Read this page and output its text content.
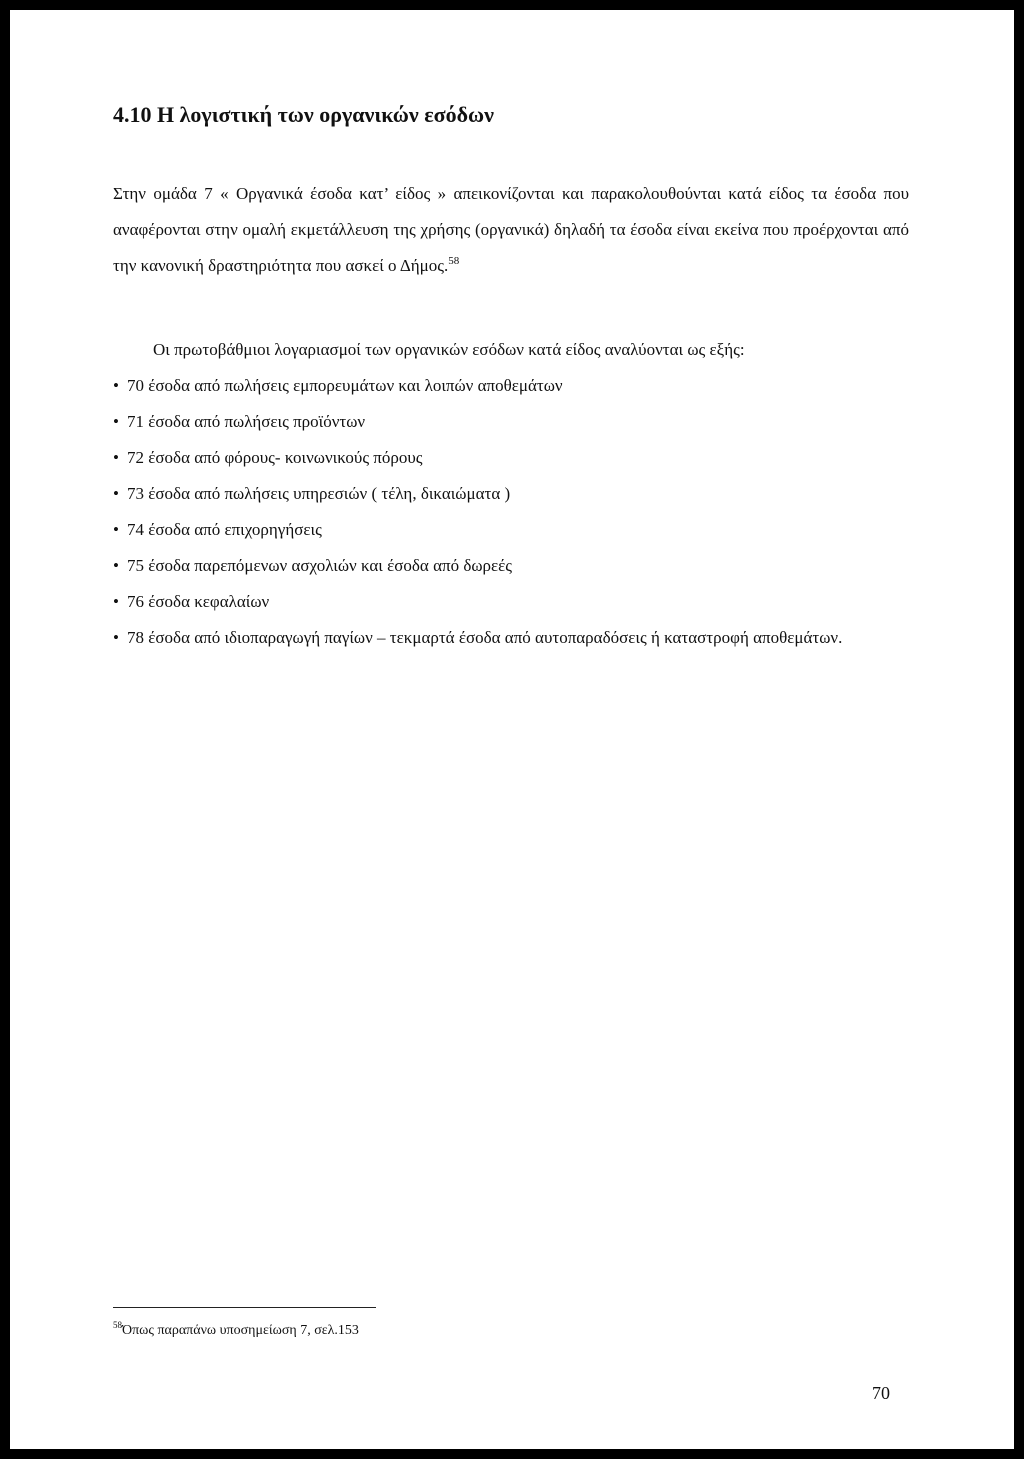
4.10 Η λογιστική των οργανικών εσόδων

Στην ομάδα 7 « Οργανικά έσοδα κατ’ είδος » απεικονίζονται και παρακολουθούνται κατά είδος τα έσοδα που αναφέρονται στην ομαλή εκμετάλλευση της χρήσης (οργανικά) δηλαδή τα έσοδα είναι εκείνα που προέρχονται από την κανονική δραστηριότητα που ασκεί ο Δήμος.$^{58}$

Οι πρωτοβάθμιοι λογαριασμοί των οργανικών εσόδων κατά είδος αναλύονται ως εξής:

• 70 έσοδα από πωλήσεις εμπορευμάτων και λοιπών αποθεμάτων
• 71 έσοδα από πωλήσεις προϊόντων
• 72 έσοδα από φόρους- κοινωνικούς πόρους
• 73 έσοδα από πωλήσεις υπηρεσιών ( τέλη, δικαιώματα )
• 74 έσοδα από επιχορηγήσεις
• 75 έσοδα παρεπόμενων ασχολιών και έσοδα από δωρεές
• 76 έσοδα κεφαλαίων
• 78 έσοδα από ιδιοπαραγωγή παγίων – τεκμαρτά έσοδα από αυτοπαραδόσεις ή καταστροφή αποθεμάτων.

$^{58}$Όπως παραπάνω υποσημείωση 7, σελ.153

70
